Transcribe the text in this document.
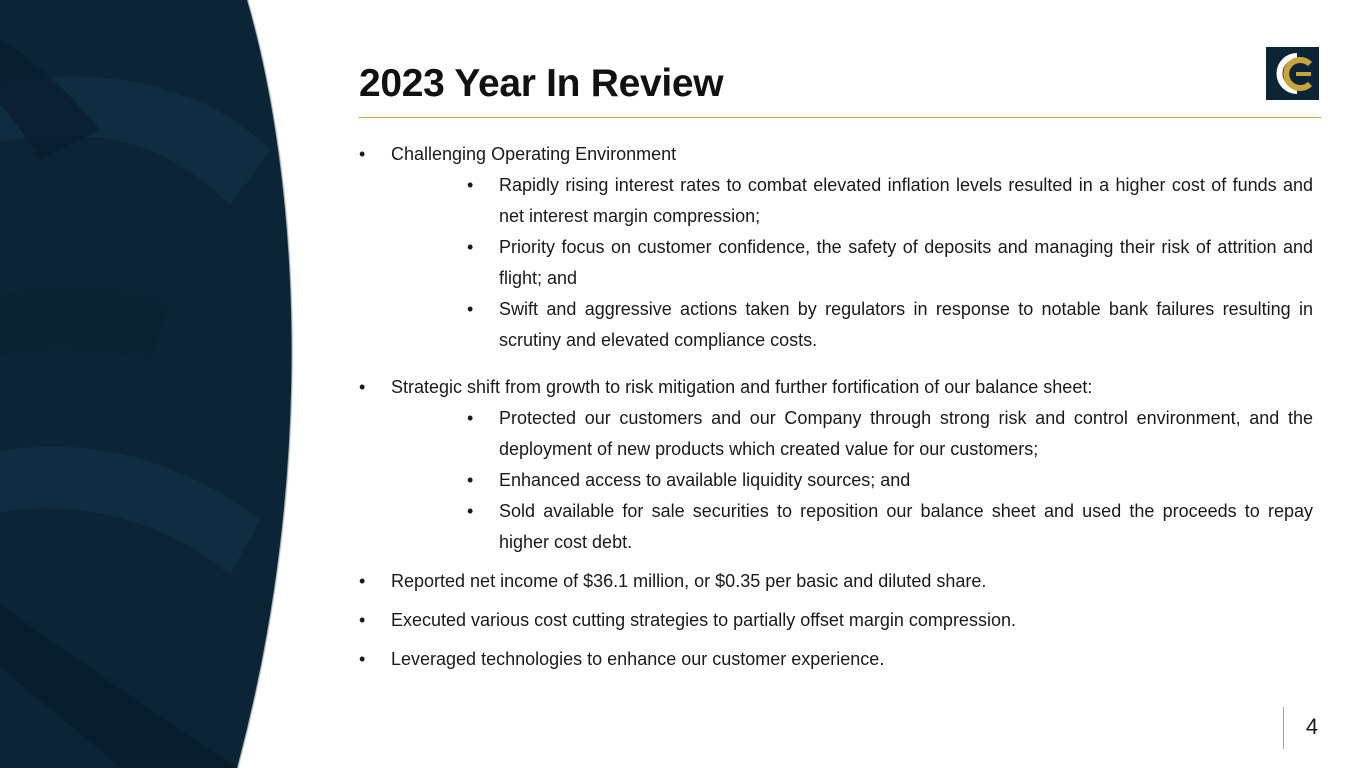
2023 Year In Review
• Challenging Operating Environment
• Rapidly rising interest rates to combat elevated inflation levels resulted in a higher cost of funds and net interest margin compression;
• Priority focus on customer confidence, the safety of deposits and managing their risk of attrition and flight; and
• Swift and aggressive actions taken by regulators in response to notable bank failures resulting in scrutiny and elevated compliance costs.
• Strategic shift from growth to risk mitigation and further fortification of our balance sheet:
• Protected our customers and our Company through strong risk and control environment, and the deployment of new products which created value for our customers;
• Enhanced access to available liquidity sources; and
• Sold available for sale securities to reposition our balance sheet and used the proceeds to repay higher cost debt.
• Reported net income of $36.1 million, or $0.35 per basic and diluted share.
• Executed various cost cutting strategies to partially offset margin compression.
• Leveraged technologies to enhance our customer experience.
4
